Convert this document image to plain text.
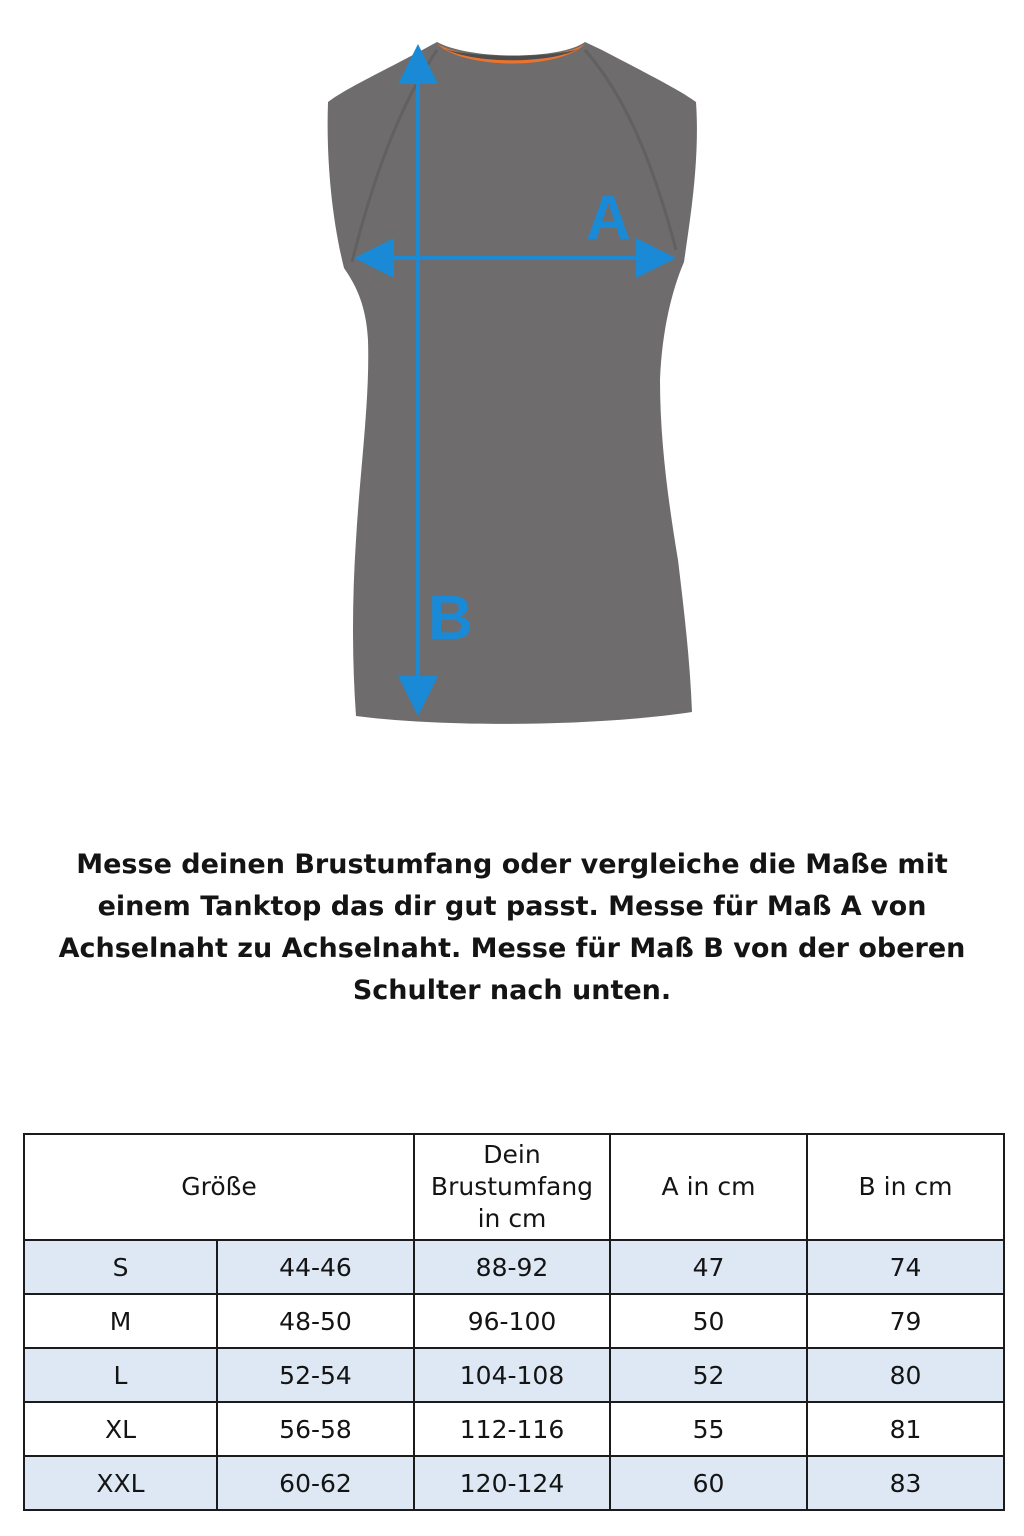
A
B
Messe deinen Brustumfang oder vergleiche die Maße mit einem Tanktop das dir gut passt. Messe für Maß A von Achselnaht zu Achselnaht. Messe für Maß B von der oberen Schulter nach unten.
Größe		Dein
Brustumfang
in cm	A in cm	B in cm
S	44-46	88-92	47	74
M	48-50	96-100	50	79
L	52-54	104-108	52	80
XL	56-58	112-116	55	81
XXL	60-62	120-124	60	83
